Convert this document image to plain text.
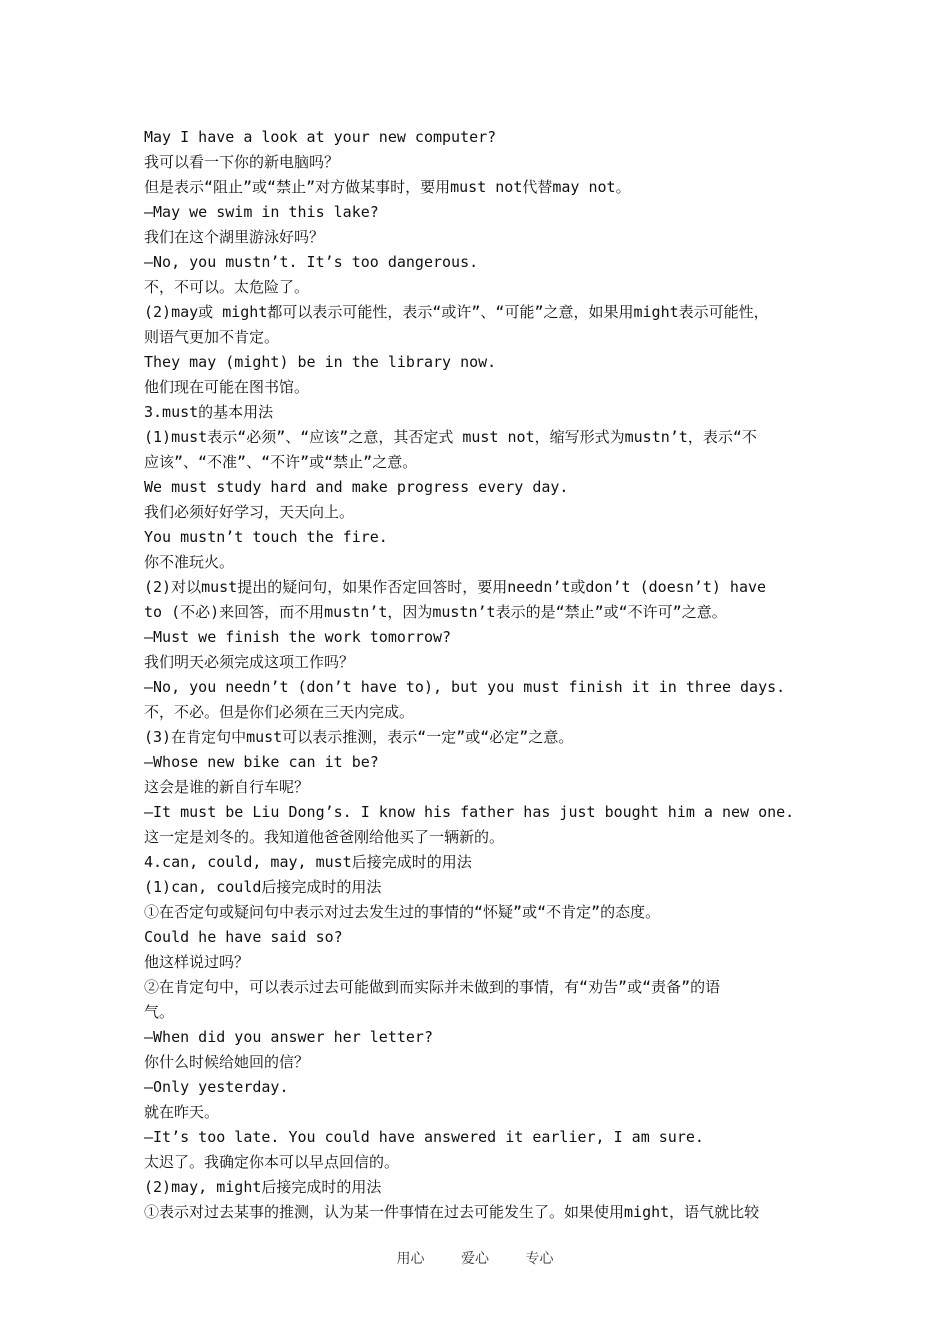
May I have a look at your new computer?
我可以看一下你的新电脑吗？
但是表示“阻止”或“禁止”对方做某事时，要用must not代替may not。
—May we swim in this lake?
我们在这个湖里游泳好吗？
—No, you mustn’t. It’s too dangerous.
不，不可以。太危险了。
(2)may或 might都可以表示可能性，表示“或许”、“可能”之意，如果用might表示可能性，
则语气更加不肯定。
They may (might) be in the library now.
他们现在可能在图书馆。
3.must的基本用法
(1)must表示“必须”、“应该”之意，其否定式 must not，缩写形式为mustn’t，表示“不
应该”、“不准”、“不许”或“禁止”之意。
We must study hard and make progress every day.
我们必须好好学习，天天向上。
You mustn’t touch the fire.
你不准玩火。
(2)对以must提出的疑问句，如果作否定回答时，要用needn’t或don’t (doesn’t) have
to (不必)来回答，而不用mustn’t，因为mustn’t表示的是“禁止”或“不许可”之意。
—Must we finish the work tomorrow?
我们明天必须完成这项工作吗？
—No, you needn’t (don’t have to), but you must finish it in three days.
不，不必。但是你们必须在三天内完成。
(3)在肯定句中must可以表示推测，表示“一定”或“必定”之意。
—Whose new bike can it be?
这会是谁的新自行车呢？
—It must be Liu Dong’s. I know his father has just bought him a new one.
这一定是刘冬的。我知道他爸爸刚给他买了一辆新的。
4.can, could, may, must后接完成时的用法
(1)can, could后接完成时的用法
①在否定句或疑问句中表示对过去发生过的事情的“怀疑”或“不肯定”的态度。
Could he have said so?
他这样说过吗？
②在肯定句中，可以表示过去可能做到而实际并未做到的事情，有“劝告”或“责备”的语
气。
—When did you answer her letter?
你什么时候给她回的信？
—Only yesterday.
就在昨天。
—It’s too late. You could have answered it earlier, I am sure.
太迟了。我确定你本可以早点回信的。
(2)may, might后接完成时的用法
①表示对过去某事的推测，认为某一件事情在过去可能发生了。如果使用might，语气就比较
用心	爱心	专心
